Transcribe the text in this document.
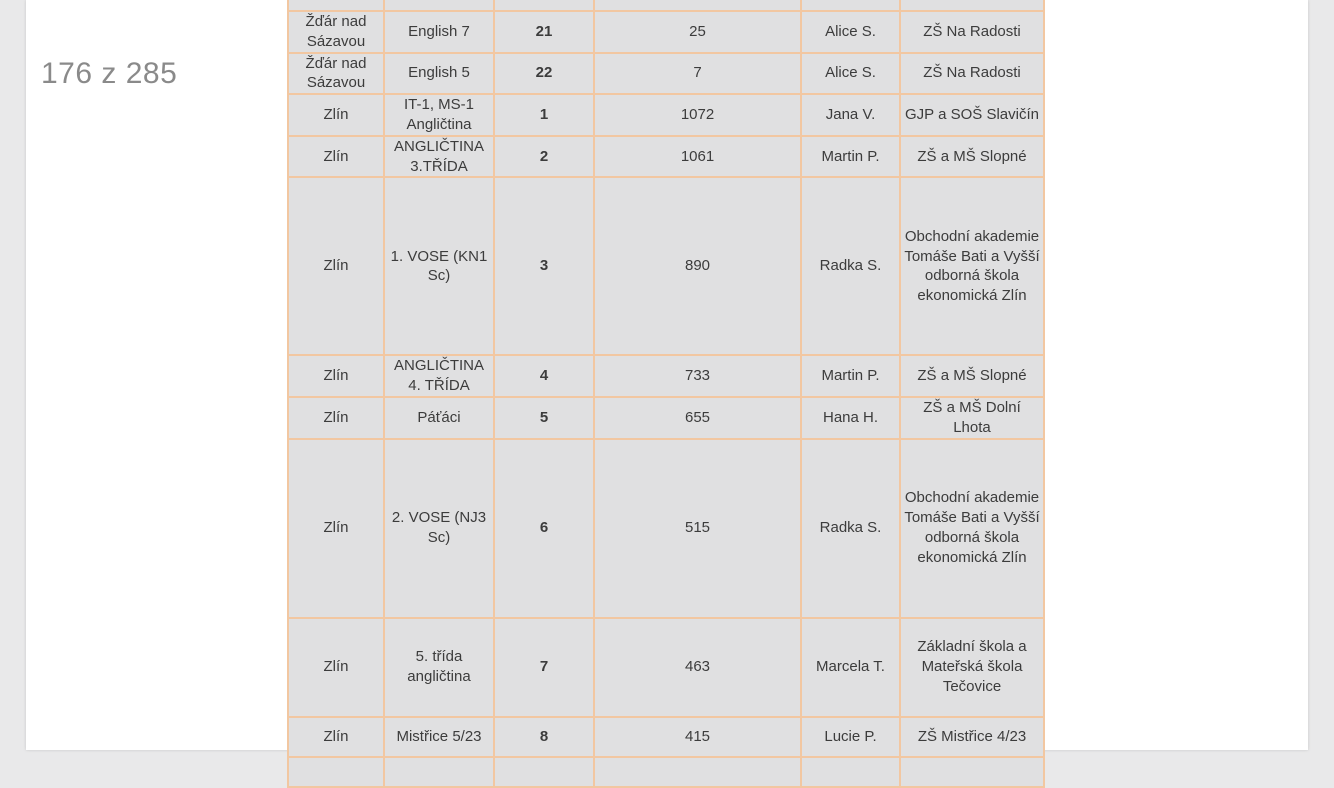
176 z 285

Žďár nad Sázavou	English 7	21	25	Alice S.	ZŠ Na Radosti
Žďár nad Sázavou	English 5	22	7	Alice S.	ZŠ Na Radosti
Zlín	IT-1, MS-1 Angličtina	1	1072	Jana V.	GJP a SOŠ Slavičín
Zlín	ANGLIČTINA 3.TŘÍDA	2	1061	Martin P.	ZŠ a MŠ Slopné
Zlín	1. VOSE (KN1 Sc)	3	890	Radka S.	Obchodní akademie Tomáše Bati a Vyšší odborná škola ekonomická Zlín
Zlín	ANGLIČTINA 4. TŘÍDA	4	733	Martin P.	ZŠ a MŠ Slopné
Zlín	Páťáci	5	655	Hana H.	ZŠ a MŠ Dolní Lhota
Zlín	2. VOSE (NJ3 Sc)	6	515	Radka S.	Obchodní akademie Tomáše Bati a Vyšší odborná škola ekonomická Zlín
Zlín	5. třída angličtina	7	463	Marcela T.	Základní škola a Mateřská škola Tečovice
Zlín	Mistřice 5/23	8	415	Lucie P.	ZŠ Mistřice 4/23
